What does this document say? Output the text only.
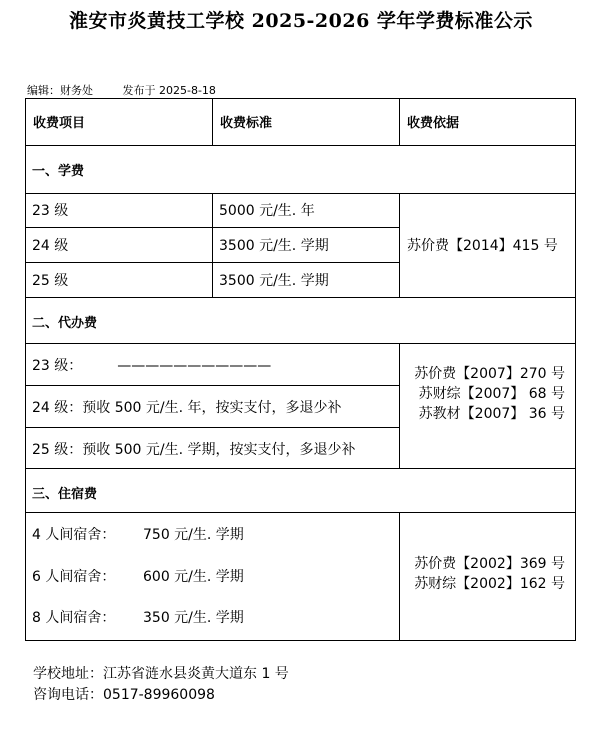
淮安市炎黄技工学校 2025-2026 学年学费标准公示
编辑：财务处	发布于 2025-8-18
收费项目	收费标准	收费依据
一、学费
23 级	5000 元/生. 年
24 级	3500 元/生. 学期
25 级	3500 元/生. 学期
苏价费【2014】415 号
二、代办费
23 级：　　　———————————
24 级：预收 500 元/生. 年，按实支付，多退少补
25 级：预收 500 元/生. 学期，按实支付，多退少补
苏价费【2007】270 号
苏财综【2007】 68 号
苏教材【2007】 36 号
三、住宿费
4 人间宿舍： 750 元/生. 学期
6 人间宿舍： 600 元/生. 学期
8 人间宿舍： 350 元/生. 学期
苏价费【2002】369 号
苏财综【2002】162 号
学校地址：江苏省涟水县炎黄大道东 1 号
咨询电话：0517-89960098
